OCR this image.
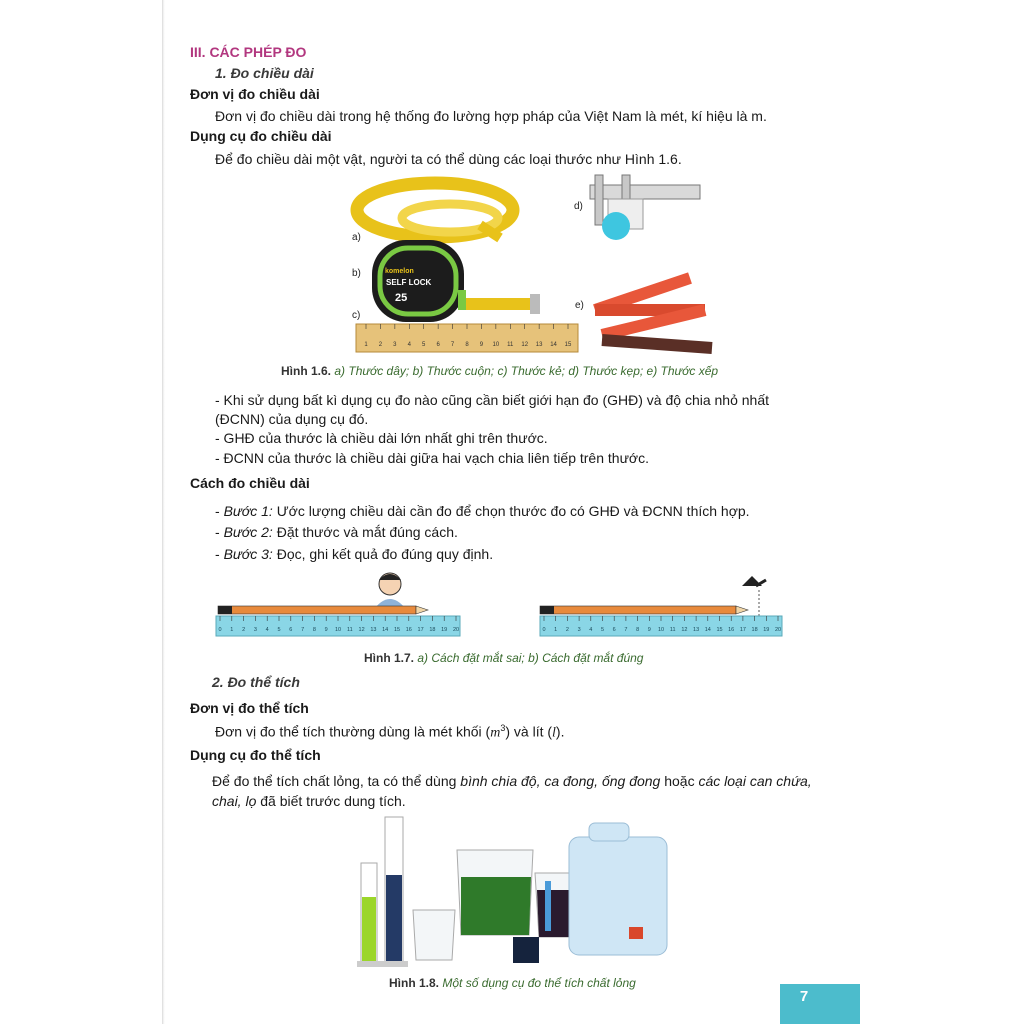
III. CÁC PHÉP ĐO
1. Đo chiều dài
Đơn vị đo chiều dài
Đơn vị đo chiều dài trong hệ thống đo lường hợp pháp của Việt Nam là mét, kí hiệu là m.
Dụng cụ đo chiều dài
Để đo chiều dài một vật, người ta có thể dùng các loại thước như Hình 1.6.
a)
b)
c)
d)
e)
1 2 3 4 5 6 7 8 9 10 11 12 13 14 15
komelon
SELF LOCK
25
Hình 1.6. a) Thước dây; b) Thước cuộn; c) Thước kẻ; d) Thước kẹp; e) Thước xếp
- Khi sử dụng bất kì dụng cụ đo nào cũng cần biết giới hạn đo (GHĐ) và độ chia nhỏ nhất
(ĐCNN) của dụng cụ đó.
- GHĐ của thước là chiều dài lớn nhất ghi trên thước.
- ĐCNN của thước là chiều dài giữa hai vạch chia liên tiếp trên thước.
Cách đo chiều dài
- Bước 1: Ước lượng chiều dài cần đo để chọn thước đo có GHĐ và ĐCNN thích hợp.
- Bước 2: Đặt thước và mắt đúng cách.
- Bước 3: Đọc, ghi kết quả đo đúng quy định.
0 1 2 3 4 5 6 7 8 9 10 11 12 13 14 15 16 17 18 19 20	0 1 2 3 4 5 6 7 8 9 10 11 12 13 14 15 16 17 18 19 20
Hình 1.7. a) Cách đặt mắt sai; b) Cách đặt mắt đúng
2. Đo thể tích
Đơn vị đo thể tích
Đơn vị đo thể tích thường dùng là mét khối $(m^3)$ và lít (l).
Dụng cụ đo thể tích
Để đo thể tích chất lỏng, ta có thể dùng bình chia độ, ca đong, ống đong hoặc các loại can chứa,
chai, lọ đã biết trước dung tích.
Hình 1.8. Một số dụng cụ đo thể tích chất lỏng
7
